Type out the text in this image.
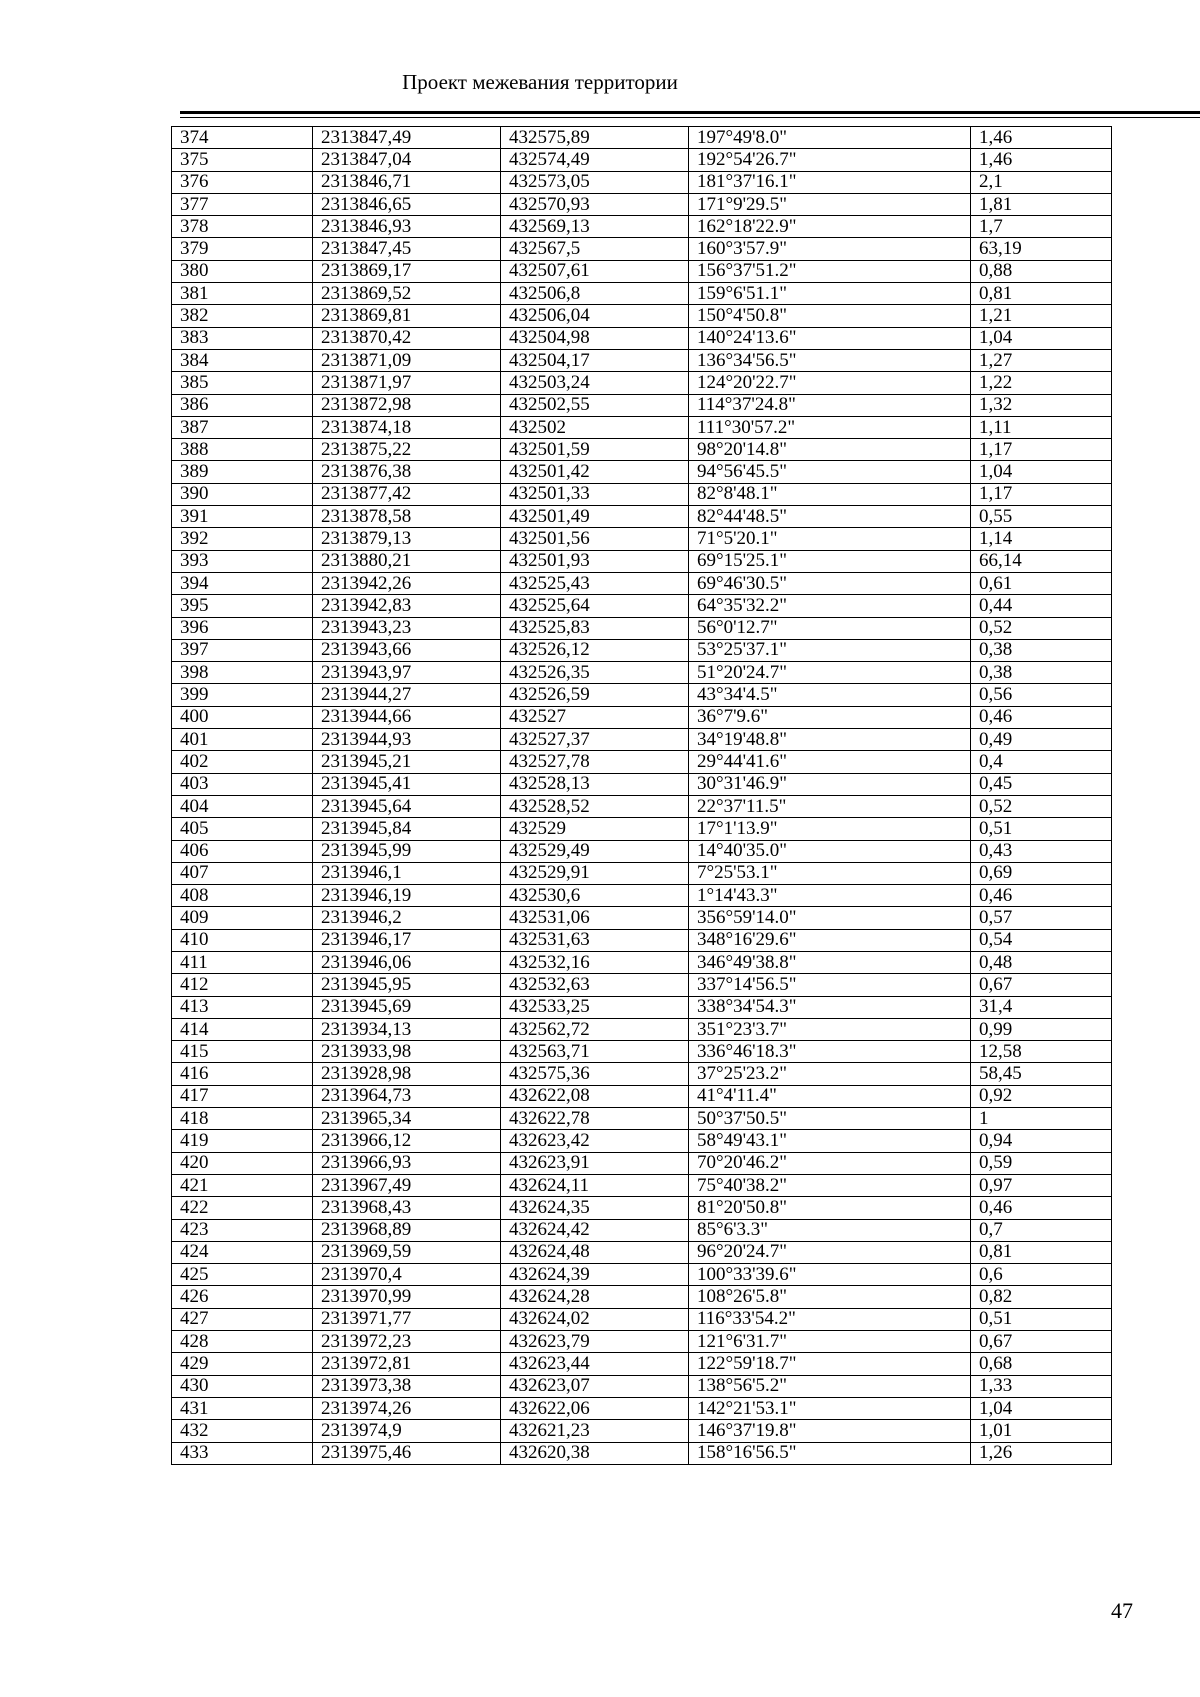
Проект межевания территории
374	2313847,49	432575,89	197°49'8.0"	1,46
375	2313847,04	432574,49	192°54'26.7"	1,46
376	2313846,71	432573,05	181°37'16.1"	2,1
377	2313846,65	432570,93	171°9'29.5"	1,81
378	2313846,93	432569,13	162°18'22.9"	1,7
379	2313847,45	432567,5	160°3'57.9"	63,19
380	2313869,17	432507,61	156°37'51.2"	0,88
381	2313869,52	432506,8	159°6'51.1"	0,81
382	2313869,81	432506,04	150°4'50.8"	1,21
383	2313870,42	432504,98	140°24'13.6"	1,04
384	2313871,09	432504,17	136°34'56.5"	1,27
385	2313871,97	432503,24	124°20'22.7"	1,22
386	2313872,98	432502,55	114°37'24.8"	1,32
387	2313874,18	432502	111°30'57.2"	1,11
388	2313875,22	432501,59	98°20'14.8"	1,17
389	2313876,38	432501,42	94°56'45.5"	1,04
390	2313877,42	432501,33	82°8'48.1"	1,17
391	2313878,58	432501,49	82°44'48.5"	0,55
392	2313879,13	432501,56	71°5'20.1"	1,14
393	2313880,21	432501,93	69°15'25.1"	66,14
394	2313942,26	432525,43	69°46'30.5"	0,61
395	2313942,83	432525,64	64°35'32.2"	0,44
396	2313943,23	432525,83	56°0'12.7"	0,52
397	2313943,66	432526,12	53°25'37.1"	0,38
398	2313943,97	432526,35	51°20'24.7"	0,38
399	2313944,27	432526,59	43°34'4.5"	0,56
400	2313944,66	432527	36°7'9.6"	0,46
401	2313944,93	432527,37	34°19'48.8"	0,49
402	2313945,21	432527,78	29°44'41.6"	0,4
403	2313945,41	432528,13	30°31'46.9"	0,45
404	2313945,64	432528,52	22°37'11.5"	0,52
405	2313945,84	432529	17°1'13.9"	0,51
406	2313945,99	432529,49	14°40'35.0"	0,43
407	2313946,1	432529,91	7°25'53.1"	0,69
408	2313946,19	432530,6	1°14'43.3"	0,46
409	2313946,2	432531,06	356°59'14.0"	0,57
410	2313946,17	432531,63	348°16'29.6"	0,54
411	2313946,06	432532,16	346°49'38.8"	0,48
412	2313945,95	432532,63	337°14'56.5"	0,67
413	2313945,69	432533,25	338°34'54.3"	31,4
414	2313934,13	432562,72	351°23'3.7"	0,99
415	2313933,98	432563,71	336°46'18.3"	12,58
416	2313928,98	432575,36	37°25'23.2"	58,45
417	2313964,73	432622,08	41°4'11.4"	0,92
418	2313965,34	432622,78	50°37'50.5"	1
419	2313966,12	432623,42	58°49'43.1"	0,94
420	2313966,93	432623,91	70°20'46.2"	0,59
421	2313967,49	432624,11	75°40'38.2"	0,97
422	2313968,43	432624,35	81°20'50.8"	0,46
423	2313968,89	432624,42	85°6'3.3"	0,7
424	2313969,59	432624,48	96°20'24.7"	0,81
425	2313970,4	432624,39	100°33'39.6"	0,6
426	2313970,99	432624,28	108°26'5.8"	0,82
427	2313971,77	432624,02	116°33'54.2"	0,51
428	2313972,23	432623,79	121°6'31.7"	0,67
429	2313972,81	432623,44	122°59'18.7"	0,68
430	2313973,38	432623,07	138°56'5.2"	1,33
431	2313974,26	432622,06	142°21'53.1"	1,04
432	2313974,9	432621,23	146°37'19.8"	1,01
433	2313975,46	432620,38	158°16'56.5"	1,26
47
